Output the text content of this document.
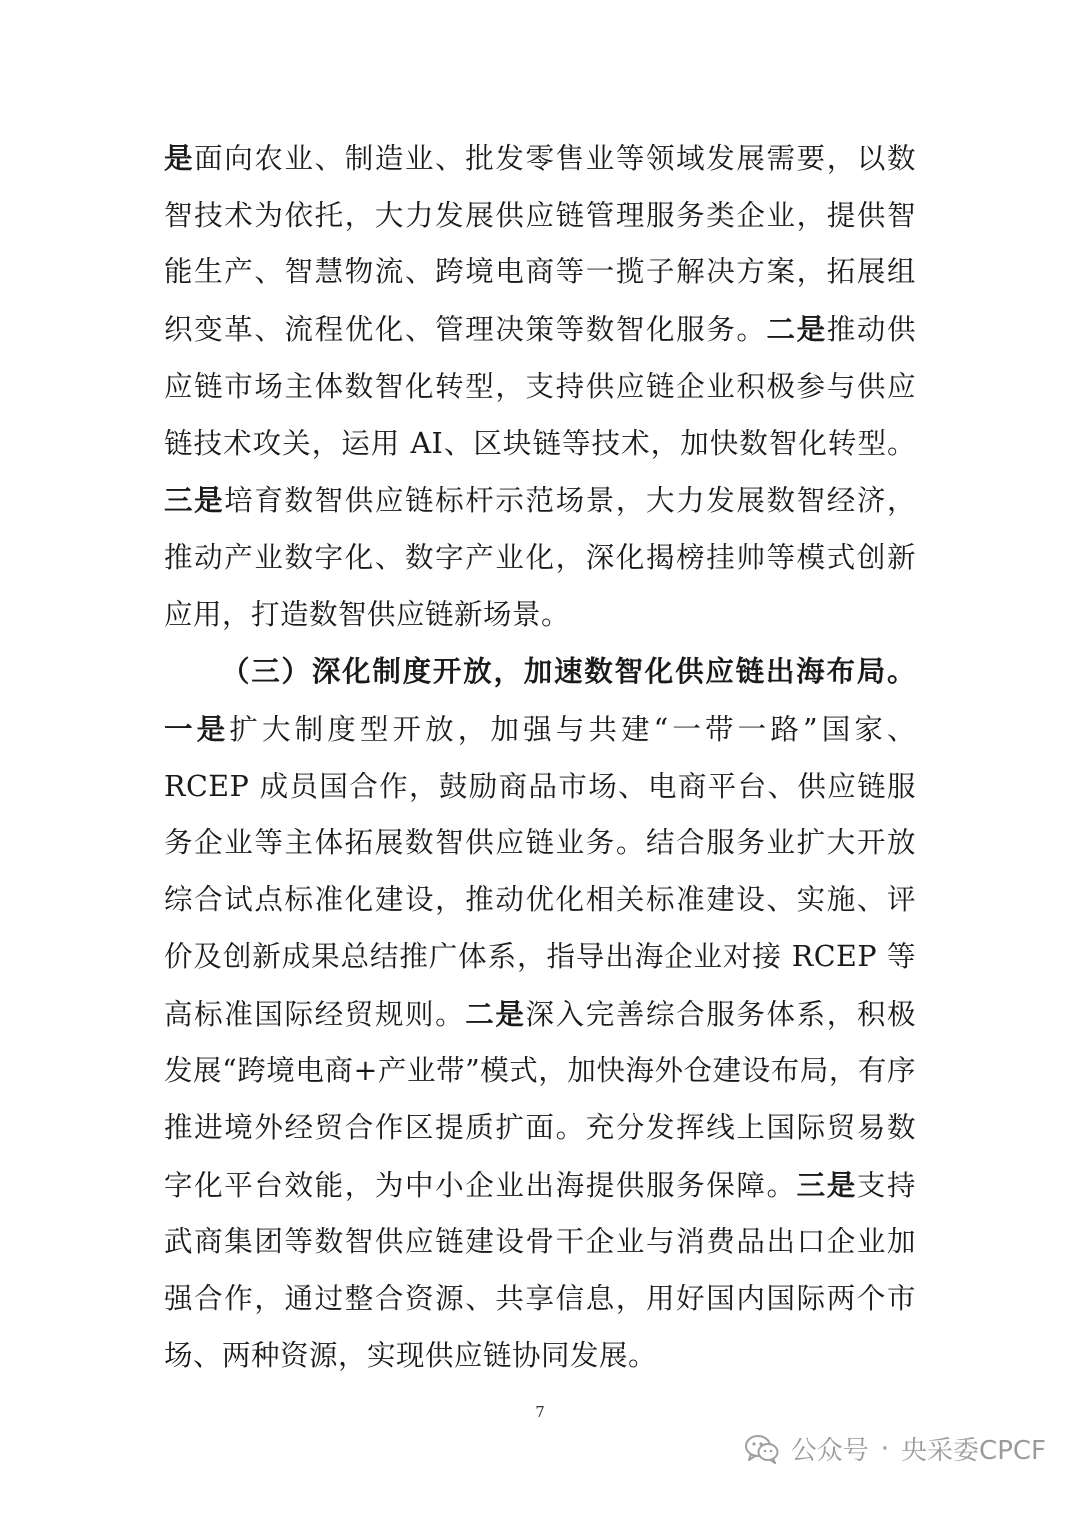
是面向农业、制造业、批发零售业等领域发展需要，以数智技术为依托，大力发展供应链管理服务类企业，提供智能生产、智慧物流、跨境电商等一揽子解决方案，拓展组织变革、流程优化、管理决策等数智化服务。二是推动供应链市场主体数智化转型，支持供应链企业积极参与供应链技术攻关，运用 AI、区块链等技术，加快数智化转型。三是培育数智供应链标杆示范场景，大力发展数智经济，推动产业数字化、数字产业化，深化揭榜挂帅等模式创新应用，打造数智供应链新场景。

（三）深化制度开放，加速数智化供应链出海布局。一是扩大制度型开放，加强与共建“一带一路”国家、RCEP 成员国合作，鼓励商品市场、电商平台、供应链服务企业等主体拓展数智供应链业务。结合服务业扩大开放综合试点标准化建设，推动优化相关标准建设、实施、评价及创新成果总结推广体系，指导出海企业对接 RCEP 等高标准国际经贸规则。二是深入完善综合服务体系，积极发展“跨境电商+产业带”模式，加快海外仓建设布局，有序推进境外经贸合作区提质扩面。充分发挥线上国际贸易数字化平台效能，为中小企业出海提供服务保障。三是支持武商集团等数智供应链建设骨干企业与消费品出口企业加强合作，通过整合资源、共享信息，用好国内国际两个市场、两种资源，实现供应链协同发展。

7
公众号 · 央采委CPCF
